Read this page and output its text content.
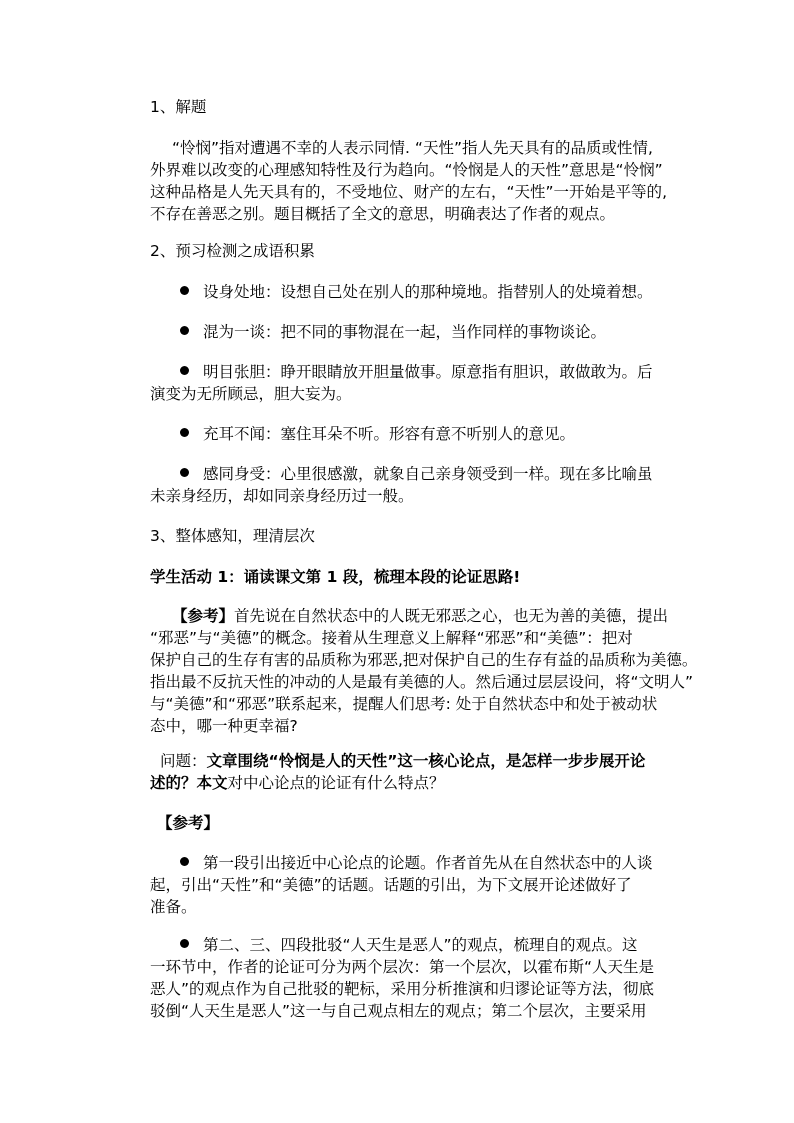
1、解题
“怜悯”指对遭遇不幸的人表示同情. “天性”指人先天具有的品质或性情,
外界难以改变的心理感知特性及行为趋向。“怜悯是人的天性”意思是“怜悯”
这种品格是人先天具有的，不受地位、财产的左右，“天性”一开始是平等的,
不存在善恶之别。题目概括了全文的意思，明确表达了作者的观点。
2、预习检测之成语积累
设身处地：设想自己处在别人的那种境地。指替别人的处境着想。
混为一谈：把不同的事物混在一起，当作同样的事物谈论。
明目张胆：睁开眼睛放开胆量做事。原意指有胆识，敢做敢为。后
演变为无所顾忌，胆大妄为。
充耳不闻：塞住耳朵不听。形容有意不听别人的意见。
感同身受：心里很感激，就象自己亲身领受到一样。现在多比喻虽
未亲身经历，却如同亲身经历过一般。
3、整体感知，理清层次
学生活动 1：诵读课文第 1 段，梳理本段的论证思路!
【参考】首先说在自然状态中的人既无邪恶之心，也无为善的美德，提出
“邪恶”与“美德”的概念。接着从生理意义上解释“邪恶”和“美德”：把对
保护自己的生存有害的品质称为邪恶,把对保护自己的生存有益的品质称为美德。
指出最不反抗天性的冲动的人是最有美德的人。然后通过层层设问，将“文明人”
与“美德”和“邪恶”联系起来，提醒人们思考: 处于自然状态中和处于被动状
态中，哪一种更幸福?
问题：文章围绕“怜悯是人的天性”这一核心论点，是怎样一步步展开论
述的？本文对中心论点的论证有什么特点？
【参考】
第一段引出接近中心论点的论题。作者首先从在自然状态中的人谈
起，引出“天性”和“美德”的话题。话题的引出，为下文展开论述做好了
准备。
第二、三、四段批驳“人天生是恶人”的观点，梳理自的观点。这
一环节中，作者的论证可分为两个层次：第一个层次，以霍布斯“人天生是
恶人”的观点作为自己批驳的靶标，采用分析推演和归谬论证等方法，彻底
驳倒“人天生是恶人”这一与自己观点相左的观点；第二个层次，主要采用
